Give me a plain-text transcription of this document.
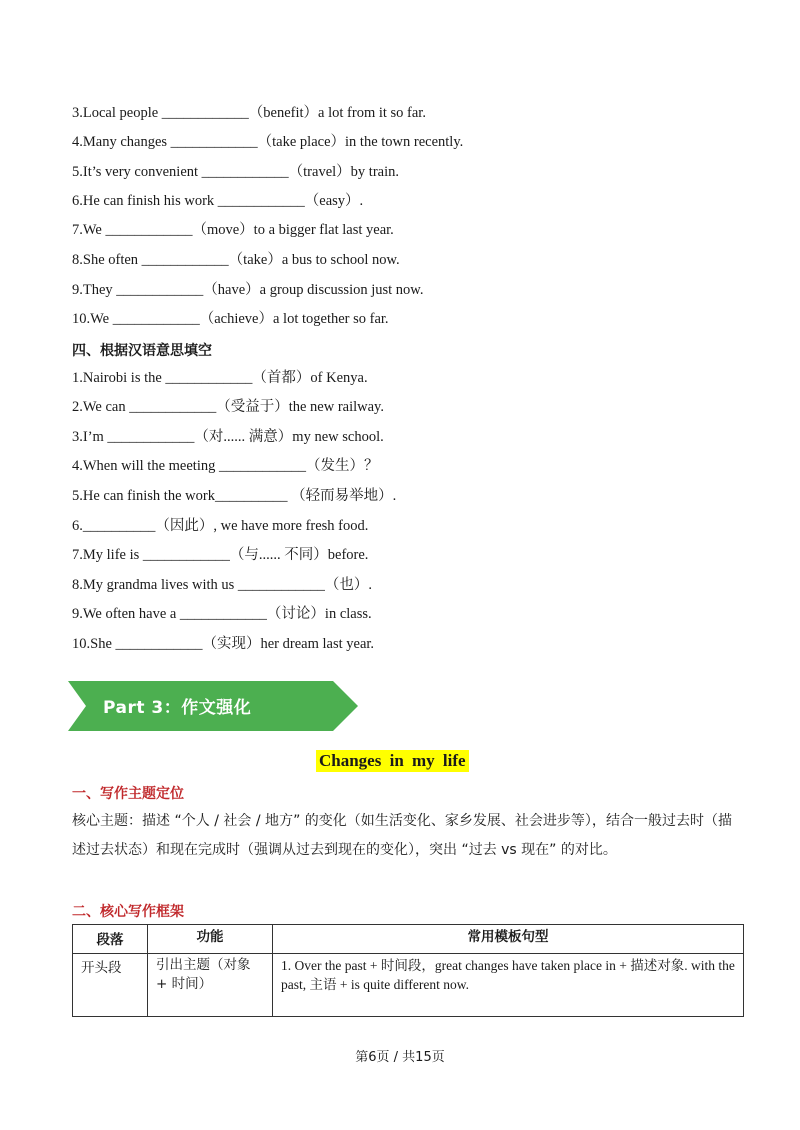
3.Local people ____________（benefit）a lot from it so far.
4.Many changes ____________（take place）in the town recently.
5.It’s very convenient ____________（travel）by train.
6.He can finish his work ____________（easy）.
7.We ____________（move）to a bigger flat last year.
8.She often ____________（take）a bus to school now.
9.They ____________（have）a group discussion just now.
10.We ____________（achieve）a lot together so far.
四、根据汉语意思填空
1.Nairobi is the ____________（首都）of Kenya.
2.We can ____________（受益于）the new railway.
3.I’m ____________（对...... 满意）my new school.
4.When will the meeting ____________（发生）？
5.He can finish the work__________ （轻而易举地）.
6.__________（因此）, we have more fresh food.
7.My life is ____________（与...... 不同）before.
8.My grandma lives with us ____________（也）.
9.We often have a ____________（讨论）in class.
10.She ____________（实现）her dream last year.
Part 3：作文强化
Changes in my life
一、写作主题定位
核心主题：描述 “个人 / 社会 / 地方” 的变化（如生活变化、家乡发展、社会进步等），结合一般过去时（描述过去状态）和现在完成时（强调从过去到现在的变化），突出 “过去 vs 现在” 的对比。
二、核心写作框架
段落	功能	常用模板句型
开头段	引出主题（对象 + 时间）	1. Over the past + 时间段，great changes have taken place in + 描述对象. with the past, 主语 + is quite different now.
第6页 / 共15页
